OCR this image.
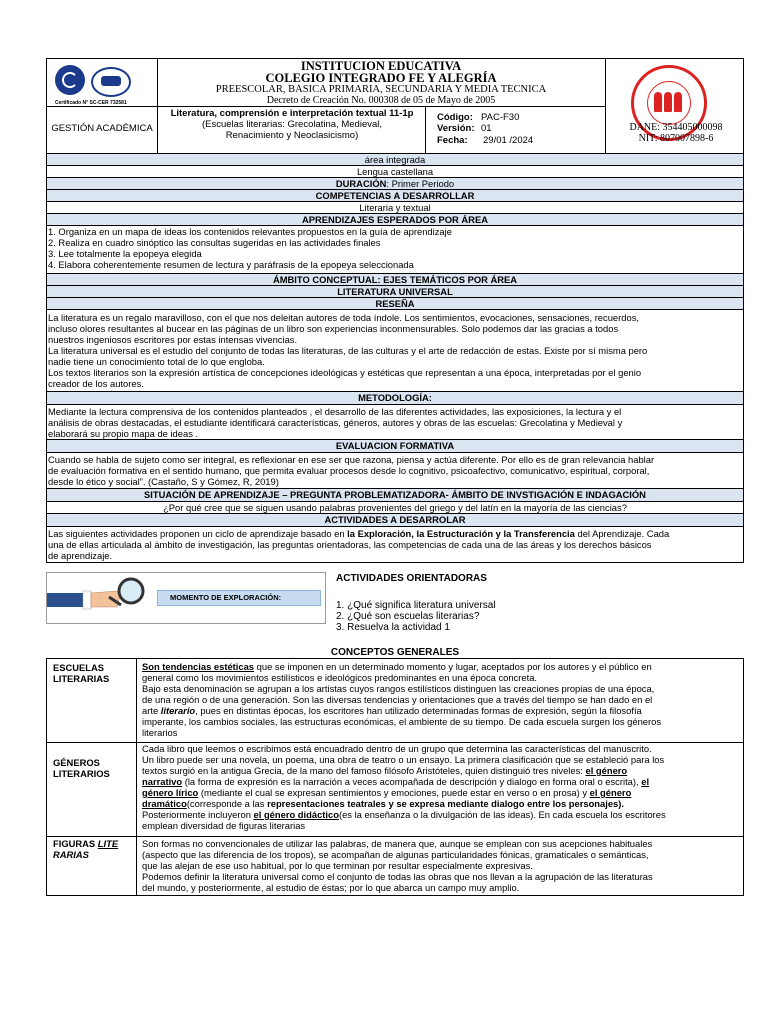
Certificado N° SC-CER 732581
INSTITUCION EDUCATIVA
COLEGIO INTEGRADO FE Y ALEGRÍA
PREESCOLAR, BÁSICA PRIMARIA, SECUNDARIA Y MEDIA TÉCNICA
Decreto de Creación No. 000308 de 05 de Mayo de 2005
GESTIÓN ACADÉMICA
Literatura, comprensión e interpretación textual 11-1p
(Escuelas literarias: Grecolatina, Medieval,
Renacimiento y Neoclasicismo)
Código: PAC-F30
Versión: 01
Fecha: 29/01 /2024
DANE: 354405000098
NIT: 807007898-6
área integrada
Lengua castellana
DURACIÓN: Primer Periodo
COMPETENCIAS A DESARROLLAR
Literaria y textual
APRENDIZAJES ESPERADOS POR ÁREA
1. Organiza en un mapa de ideas los contenidos relevantes propuestos en la guía de aprendizaje
2. Realiza en cuadro sinóptico las consultas sugeridas en las actividades finales
3. Lee totalmente la epopeya elegida
4. Elabora coherentemente resumen de lectura y paráfrasis de la epopeya seleccionada
ÁMBITO CONCEPTUAL: EJES TEMÁTICOS POR ÁREA
LITERATURA UNIVERSAL
RESEÑA
La literatura es un regalo maravilloso, con el que nos deleitan autores de toda índole. Los sentimientos, evocaciones, sensaciones, recuerdos,
incluso olores resultantes al bucear en las páginas de un libro son experiencias inconmensurables. Solo podemos dar las gracias a todos
nuestros ingeniosos escritores por estas intensas vivencias.
La literatura universal es el estudio del conjunto de todas las literaturas, de las culturas y el arte de redacción de estas. Existe por sí misma pero
nadie tiene un conocimiento total de lo que engloba.
Los textos literarios son la expresión artística de concepciones ideológicas y estéticas que representan a una época, interpretadas por el genio
creador de los autores.
METODOLOGÍA:
Mediante la lectura comprensiva de los contenidos planteados , el desarrollo de las diferentes actividades, las exposiciones, la lectura y el
análisis de obras destacadas, el estudiante identificará características, géneros, autores y obras de las escuelas: Grecolatina y Medieval y
elaborará su propio mapa de ideas .
EVALUACION FORMATIVA
Cuando se habla de sujeto como ser integral, es reflexionar en ese ser que razona, piensa y actúa diferente. Por ello es de gran relevancia hablar
de evaluación formativa en el sentido humano, que permita evaluar procesos desde lo cognitivo, psicoafectivo, comunicativo, espiritual, corporal,
desde lo ético y social”. (Castaño, S y Gómez, R, 2019)
SITUACIÓN DE APRENDIZAJE – PREGUNTA PROBLEMATIZADORA- ÁMBITO DE INVSTIGACIÓN E INDAGACIÓN
¿Por qué cree que se siguen usando palabras provenientes del griego y del latín en la mayoría de las ciencias?
ACTIVIDADES A DESARROLAR
Las siguientes actividades proponen un ciclo de aprendizaje basado en la Exploración, la Estructuración y la Transferencia del Aprendizaje. Cada
una de ellas articulada al ámbito de investigación, las preguntas orientadoras, las competencias de cada una de las áreas y los derechos básicos
de aprendizaje.
MOMENTO DE EXPLORACIÓN:
ACTIVIDADES ORIENTADORAS
1. ¿Qué significa literatura universal
2. ¿Qué son escuelas literarias?
3. Resuelva la actividad 1
CONCEPTOS GENERALES
ESCUELAS
LITERARIAS
Son tendencias estéticas que se imponen en un determinado momento y lugar, aceptados por los autores y el público en
general como los movimientos estilísticos e ideológicos predominantes en una época concreta.
Bajo esta denominación se agrupan a los artistas cuyos rangos estilísticos distinguen las creaciones propias de una época,
de una región o de una generación. Son las diversas tendencias y orientaciones que a través del tiempo se han dado en el
arte literario, pues en distintas épocas, los escritores han utilizado determinadas formas de expresión, según la filosofía
imperante, los cambios sociales, las estructuras económicas, el ambiente de su tiempo. De cada escuela surgen los géneros
literarios
GÉNEROS
LITERARIOS
Cada libro que leemos o escribimos está encuadrado dentro de un grupo que determina las características del manuscrito.
Un libro puede ser una novela, un poema, una obra de teatro o un ensayo. La primera clasificación que se estableció para los
textos surgió en la antigua Grecia, de la mano del famoso filósofo Aristóteles, quien distinguió tres niveles: el género
narrativo (la forma de expresión es la narración a veces acompañada de descripción y dialogo en forma oral o escrita), el
género lírico (mediante el cual se expresan sentimientos y emociones, puede estar en verso o en prosa) y el género
dramático(corresponde a las representaciones teatrales y se expresa mediante dialogo entre los personajes).
Posteriormente incluyeron el género didáctico(es la enseñanza o la divulgación de las ideas). En cada escuela los escritores
emplean diversidad de figuras literarias
FIGURAS LITE
RARIAS
Son formas no convencionales de utilizar las palabras, de manera que, aunque se emplean con sus acepciones habituales
(aspecto que las diferencia de los tropos), se acompañan de algunas particularidades fónicas, gramaticales o semánticas,
que las alejan de ese uso habitual, por lo que terminan por resultar especialmente expresivas.
Podemos definir la literatura universal como el conjunto de todas las obras que nos llevan a la agrupación de las literaturas
del mundo, y posteriormente, al estudio de éstas; por lo que abarca un campo muy amplio.
